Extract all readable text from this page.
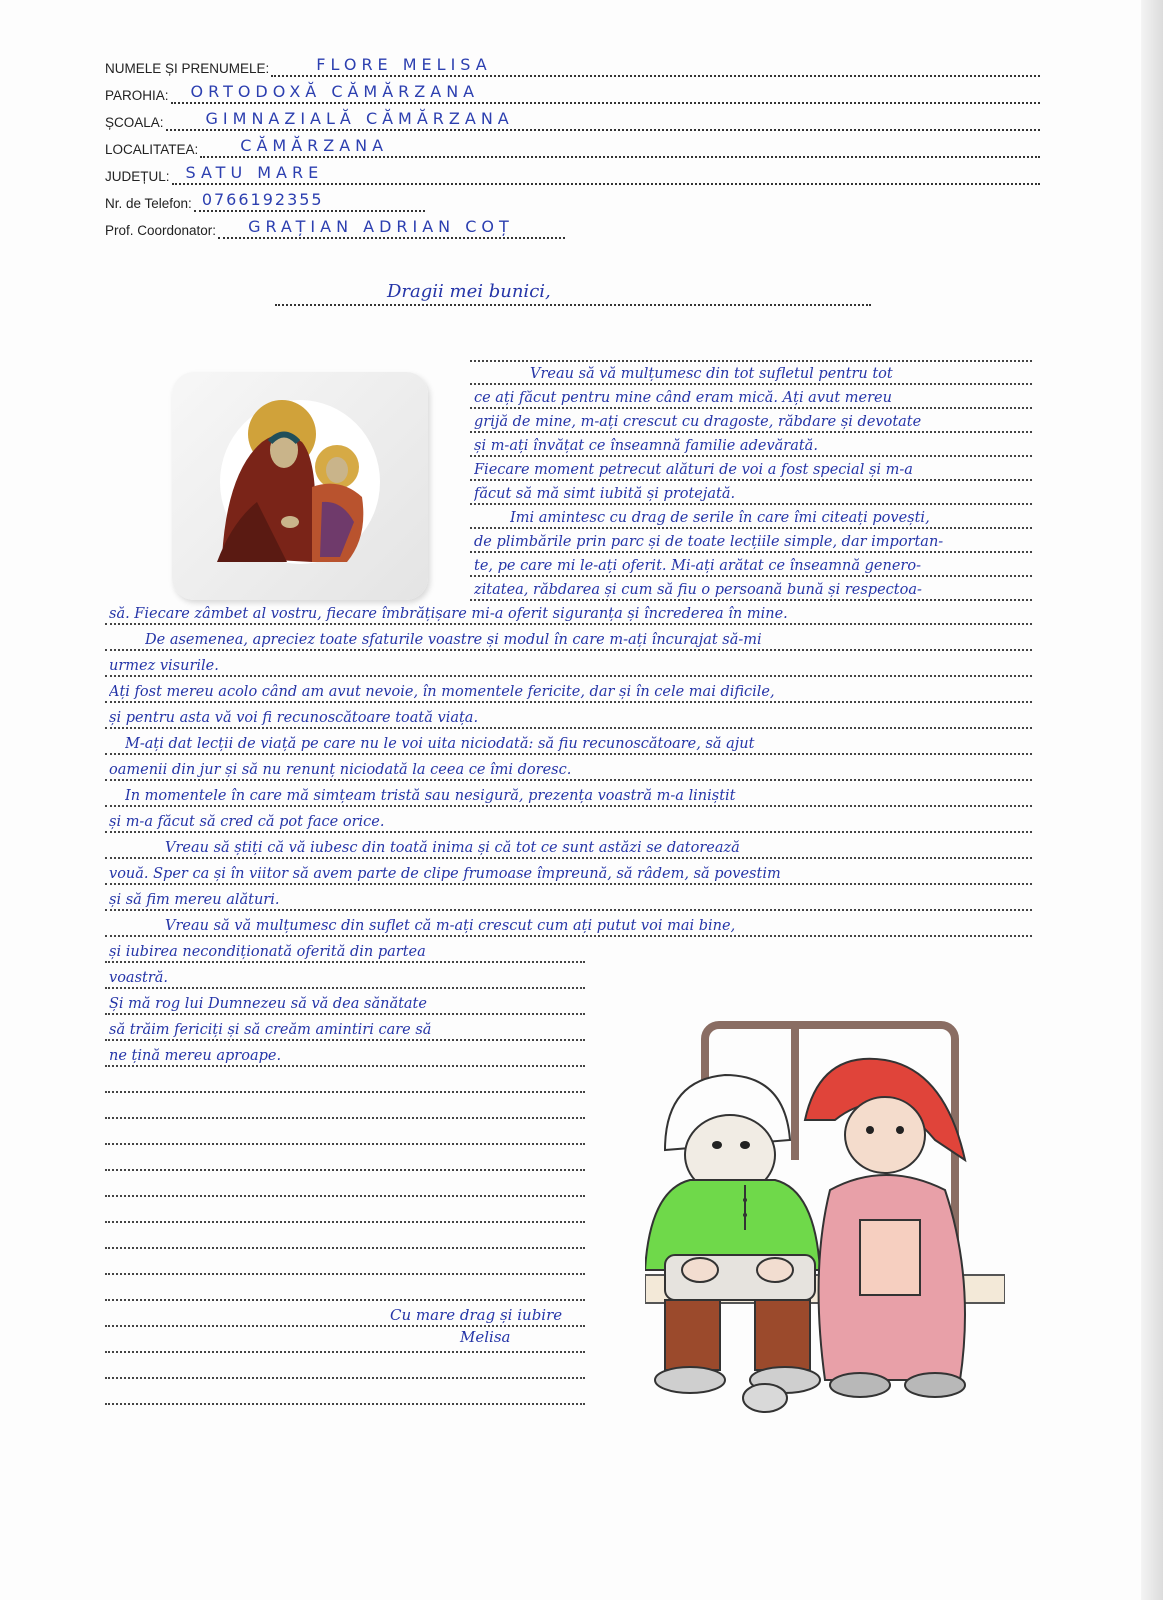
NUMELE ȘI PRENUMELE:	FLORE MELISA
PAROHIA: ORTODOXĂ CĂMĂRZANA
ȘCOALA:	GIMNAZIALĂ CĂMĂRZANA
LOCALITATEA:	CĂMĂRZANA
JUDEȚUL: SATU MARE
Nr. de Telefon: 0766192355
Prof. Coordonator: GRAȚIAN ADRIAN COȚ
Dragii mei bunici,
Vreau să vă mulțumesc din tot sufletul pentru tot
ce ați făcut pentru mine când eram mică. Ați avut mereu
grijă de mine, m-ați crescut cu dragoste, răbdare și devotate
și m-ați învățat ce înseamnă familie adevărată.
Fiecare moment petrecut alături de voi a fost special și m-a
făcut să mă simt iubită și protejată.
Îmi amintesc cu drag de serile în care îmi citeați povești,
de plimbările prin parc și de toate lecțiile simple, dar importan-
te, pe care mi le-ați oferit. Mi-ați arătat ce înseamnă genero-
zitatea, răbdarea și cum să fiu o persoană bună și respectoa-
să. Fiecare zâmbet al vostru, fiecare îmbrățișare mi-a oferit siguranța și încrederea în mine.
De asemenea, apreciez toate sfaturile voastre și modul în care m-ați încurajat să-mi
urmez visurile.
Ați fost mereu acolo când am avut nevoie, în momentele fericite, dar și în cele mai dificile,
și pentru asta vă voi fi recunoscătoare toată viața.
M-ați dat lecții de viață pe care nu le voi uita niciodată: să fiu recunoscătoare, să ajut
oamenii din jur și să nu renunț niciodată la ceea ce îmi doresc.
În momentele în care mă simțeam tristă sau nesigură, prezența voastră m-a liniștit
și m-a făcut să cred că pot face orice.
Vreau să știți că vă iubesc din toată inima și că tot ce sunt astăzi se datorează
vouă. Sper ca și în viitor să avem parte de clipe frumoase împreună, să râdem, să povestim
și să fim mereu alături.
Vreau să vă mulțumesc din suflet că m-ați crescut cum ați putut voi mai bine,
și iubirea necondiționată oferită din partea
voastră.
Și mă rog lui Dumnezeu să vă dea sănătate
să trăim fericiți și să creăm amintiri care să
ne țină mereu aproape.
Cu mare drag și iubire
Melisa
